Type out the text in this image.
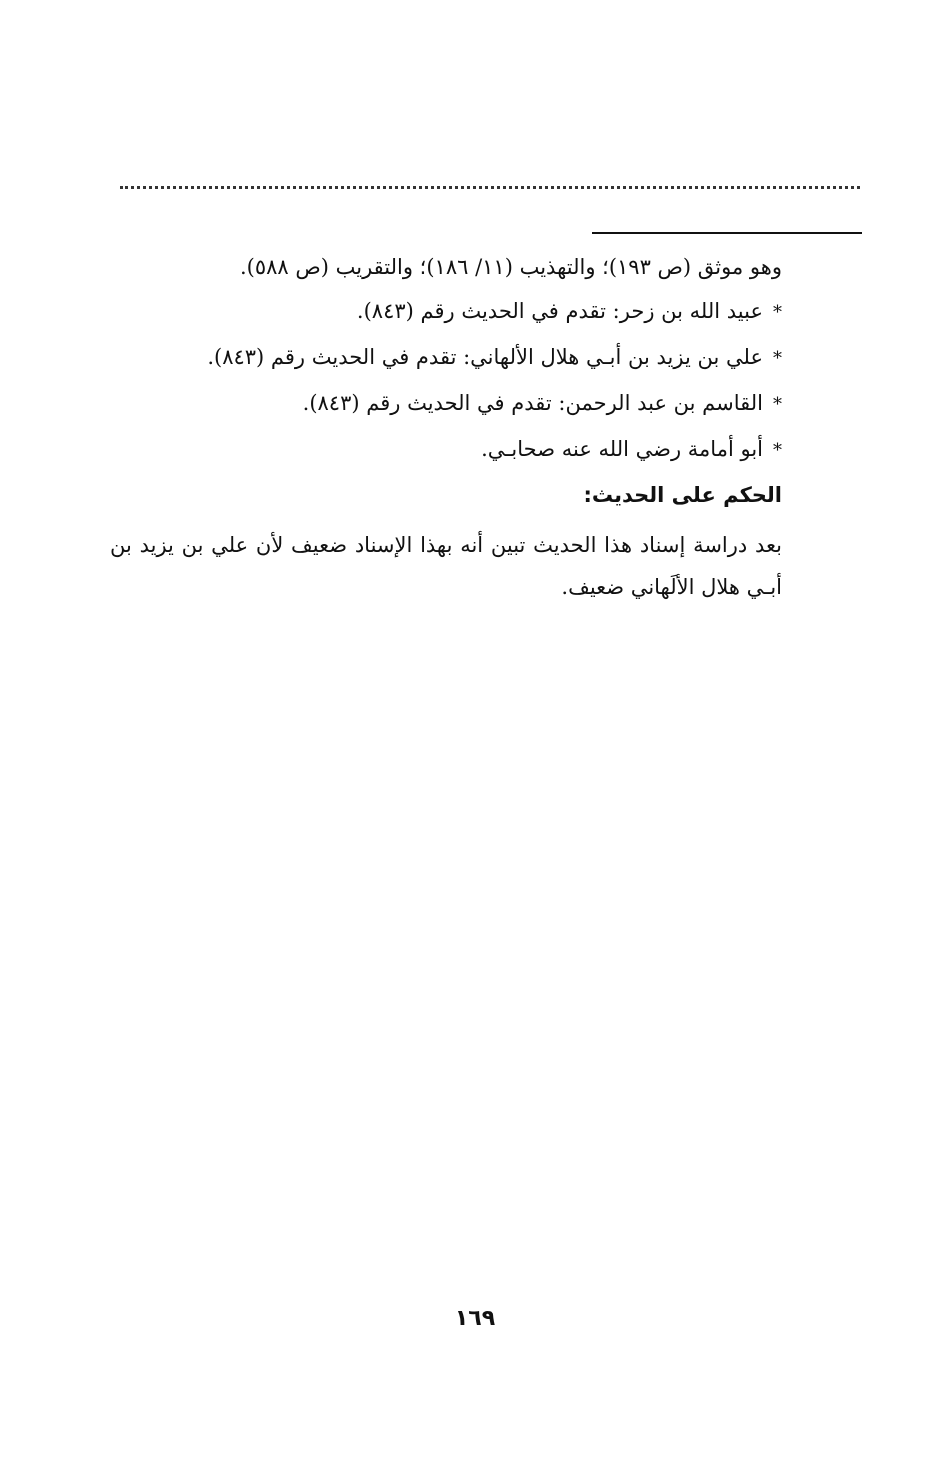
وهو موثق (ص ١٩٣)؛ والتهذيب (١١/ ١٨٦)؛ والتقريب (ص ٥٨٨).
*عبيد الله بن زحر: تقدم في الحديث رقم (٨٤٣).
*علي بن يزيد بن أبـي هلال الألهاني: تقدم في الحديث رقم (٨٤٣).
*القاسم بن عبد الرحمن: تقدم في الحديث رقم (٨٤٣).
*أبو أمامة رضي الله عنه صحابـي.
الحكم على الحديث:

بعد دراسة إسناد هذا الحديث تبين أنه بهذا الإسناد ضعيف لأن علي بن يزيد بن أبـي هلال الألَهاني ضعيف.

١٦٩
